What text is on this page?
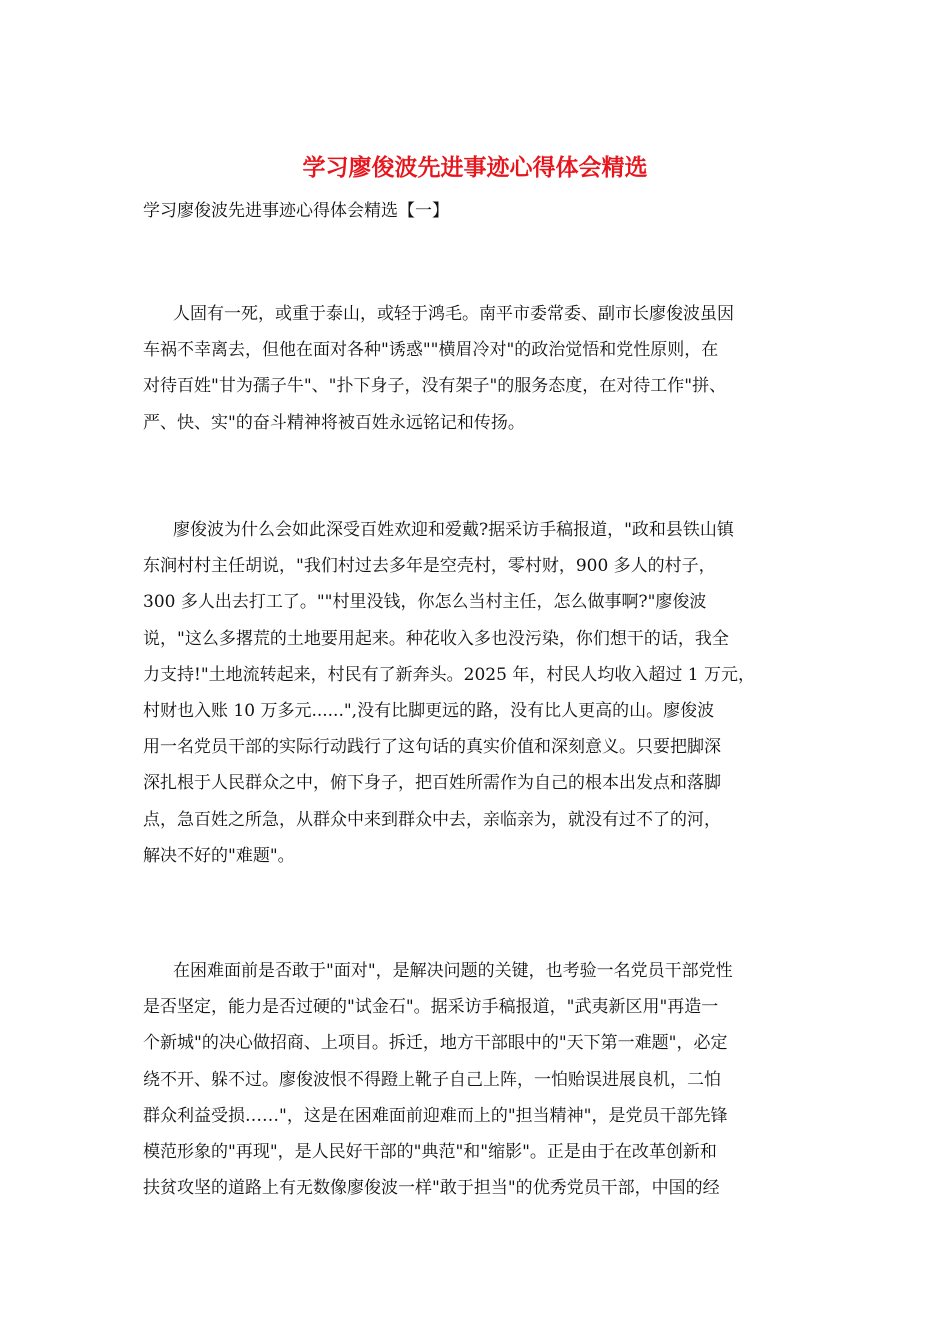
学习廖俊波先进事迹心得体会精选

学习廖俊波先进事迹心得体会精选【一】

人固有一死，或重于泰山，或轻于鸿毛。南平市委常委、副市长廖俊波虽因
车祸不幸离去，但他在面对各种"诱惑""横眉冷对"的政治觉悟和党性原则，在
对待百姓"甘为孺子牛"、"扑下身子，没有架子"的服务态度，在对待工作"拼、
严、快、实"的奋斗精神将被百姓永远铭记和传扬。
廖俊波为什么会如此深受百姓欢迎和爱戴?据采访手稿报道，"政和县铁山镇
东涧村村主任胡说，"我们村过去多年是空壳村，零村财，900 多人的村子，
300 多人出去打工了。""村里没钱，你怎么当村主任，怎么做事啊?"廖俊波
说，"这么多撂荒的土地要用起来。种花收入多也没污染，你们想干的话，我全
力支持!"土地流转起来，村民有了新奔头。2025 年，村民人均收入超过 1 万元，
村财也入账 10 万多元......",没有比脚更远的路，没有比人更高的山。廖俊波
用一名党员干部的实际行动践行了这句话的真实价值和深刻意义。只要把脚深
深扎根于人民群众之中，俯下身子，把百姓所需作为自己的根本出发点和落脚
点，急百姓之所急，从群众中来到群众中去，亲临亲为，就没有过不了的河，
解决不好的"难题"。
在困难面前是否敢于"面对"，是解决问题的关键，也考验一名党员干部党性
是否坚定，能力是否过硬的"试金石"。据采访手稿报道，"武夷新区用"再造一
个新城"的决心做招商、上项目。拆迁，地方干部眼中的"天下第一难题"，必定
绕不开、躲不过。廖俊波恨不得蹬上靴子自己上阵，一怕贻误进展良机，二怕
群众利益受损……"，这是在困难面前迎难而上的"担当精神"，是党员干部先锋
模范形象的"再现"，是人民好干部的"典范"和"缩影"。正是由于在改革创新和
扶贫攻坚的道路上有无数像廖俊波一样"敢于担当"的优秀党员干部，中国的经
